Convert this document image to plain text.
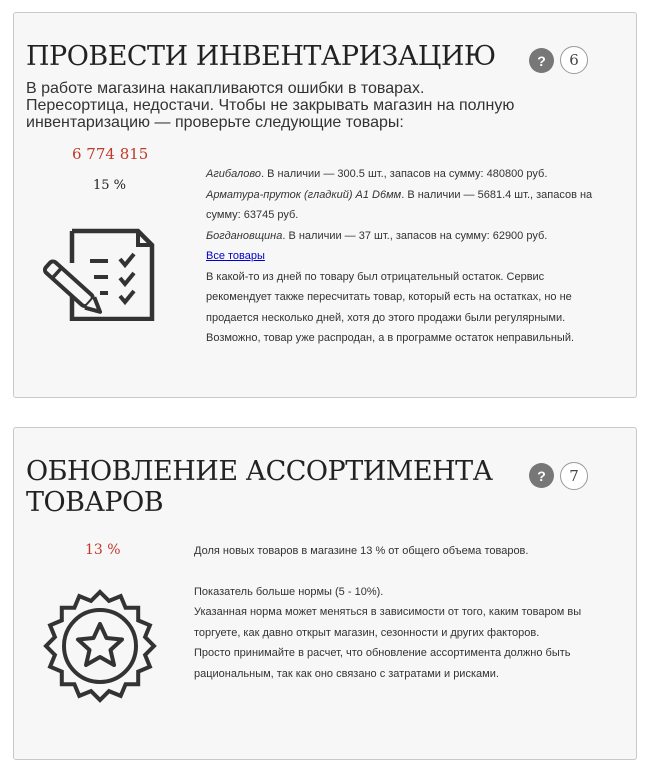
ПРОВЕСТИ ИНВЕНТАРИЗАЦИЮ	?	6

В работе магазина накапливаются ошибки в товарах. Пересортица, недостачи. Чтобы не закрывать магазин на полную инвентаризацию — проверьте следующие товары:

6 774 815
15 %

Агибалово. В наличии — 300.5 шт., запасов на сумму: 480800 руб.

Арматура-пруток (гладкий) А1 D6мм. В наличии — 5681.4 шт., запасов на сумму: 63745 руб.

Богдановщина. В наличии — 37 шт., запасов на сумму: 62900 руб.

Все товары

В какой-то из дней по товару был отрицательный остаток. Сервис рекомендует также пересчитать товар, который есть на остатках, но не продается несколько дней, хотя до этого продажи были регулярными. Возможно, товар уже распродан, а в программе остаток неправильный.

ОБНОВЛЕНИЕ АССОРТИМЕНТА
ТОВАРОВ
?	7
13 %	Доля новых товаров в магазине 13 % от общего объема товаров.

Показатель больше нормы (5 - 10%).

Указанная норма может меняться в зависимости от того, каким товаром вы торгуете, как давно открыт магазин, сезонности и других факторов.

Просто принимайте в расчет, что обновление ассортимента должно быть рациональным, так как оно связано с затратами и рисками.
